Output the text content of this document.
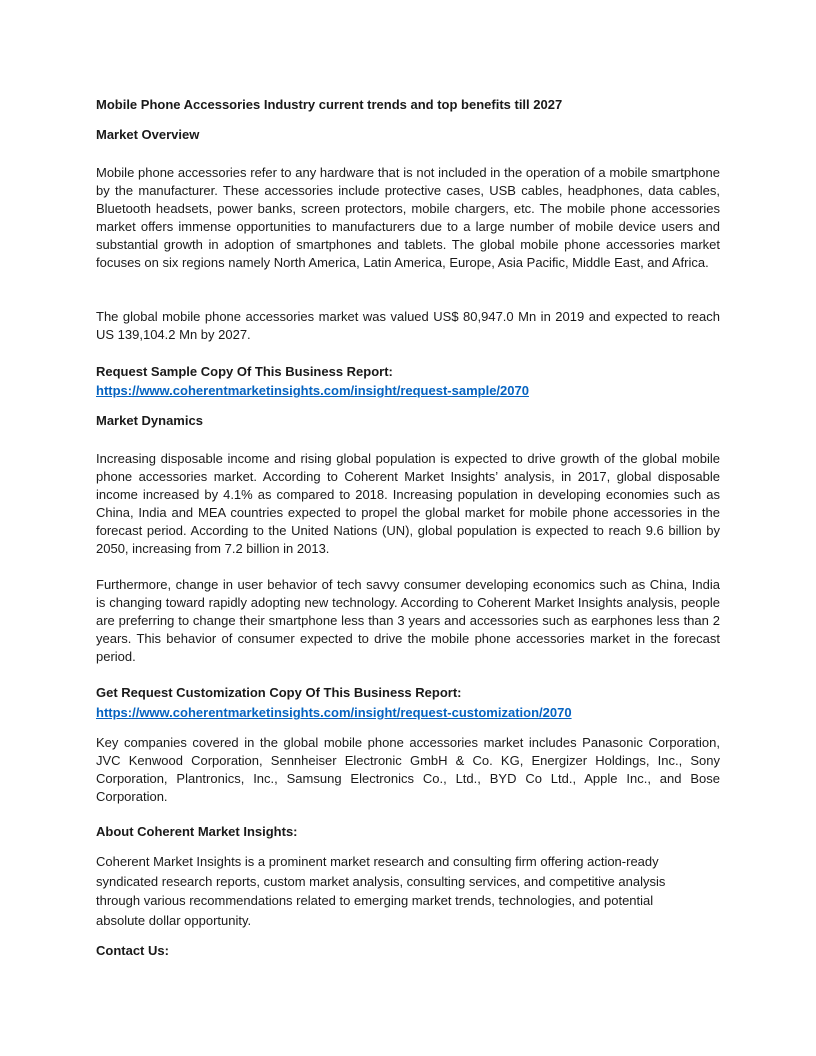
Mobile Phone Accessories Industry current trends and top benefits till 2027
Market Overview
Mobile phone accessories refer to any hardware that is not included in the operation of a mobile smartphone by the manufacturer. These accessories include protective cases, USB cables, headphones, data cables, Bluetooth headsets, power banks, screen protectors, mobile chargers, etc. The mobile phone accessories market offers immense opportunities to manufacturers due to a large number of mobile device users and substantial growth in adoption of smartphones and tablets. The global mobile phone accessories market focuses on six regions namely North America, Latin America, Europe, Asia Pacific, Middle East, and Africa.
The global mobile phone accessories market was valued US$ 80,947.0 Mn in 2019 and expected to reach US 139,104.2 Mn by 2027.
Request Sample Copy Of This Business Report:
https://www.coherentmarketinsights.com/insight/request-sample/2070
Market Dynamics
Increasing disposable income and rising global population is expected to drive growth of the global mobile phone accessories market. According to Coherent Market Insights’ analysis, in 2017, global disposable income increased by 4.1% as compared to 2018. Increasing population in developing economies such as China, India and MEA countries expected to propel the global market for mobile phone accessories in the forecast period. According to the United Nations (UN), global population is expected to reach 9.6 billion by 2050, increasing from 7.2 billion in 2013.
Furthermore, change in user behavior of tech savvy consumer developing economics such as China, India is changing toward rapidly adopting new technology. According to Coherent Market Insights analysis, people are preferring to change their smartphone less than 3 years and accessories such as earphones less than 2 years. This behavior of consumer expected to drive the mobile phone accessories market in the forecast period.
Get Request Customization Copy Of This Business Report:
https://www.coherentmarketinsights.com/insight/request-customization/2070
Key companies covered in the global mobile phone accessories market includes Panasonic Corporation, JVC Kenwood Corporation, Sennheiser Electronic GmbH & Co. KG, Energizer Holdings, Inc., Sony Corporation, Plantronics, Inc., Samsung Electronics Co., Ltd., BYD Co Ltd., Apple Inc., and Bose Corporation.
About Coherent Market Insights:
Coherent Market Insights is a prominent market research and consulting firm offering action-ready syndicated research reports, custom market analysis, consulting services, and competitive analysis through various recommendations related to emerging market trends, technologies, and potential absolute dollar opportunity.
Contact Us:
